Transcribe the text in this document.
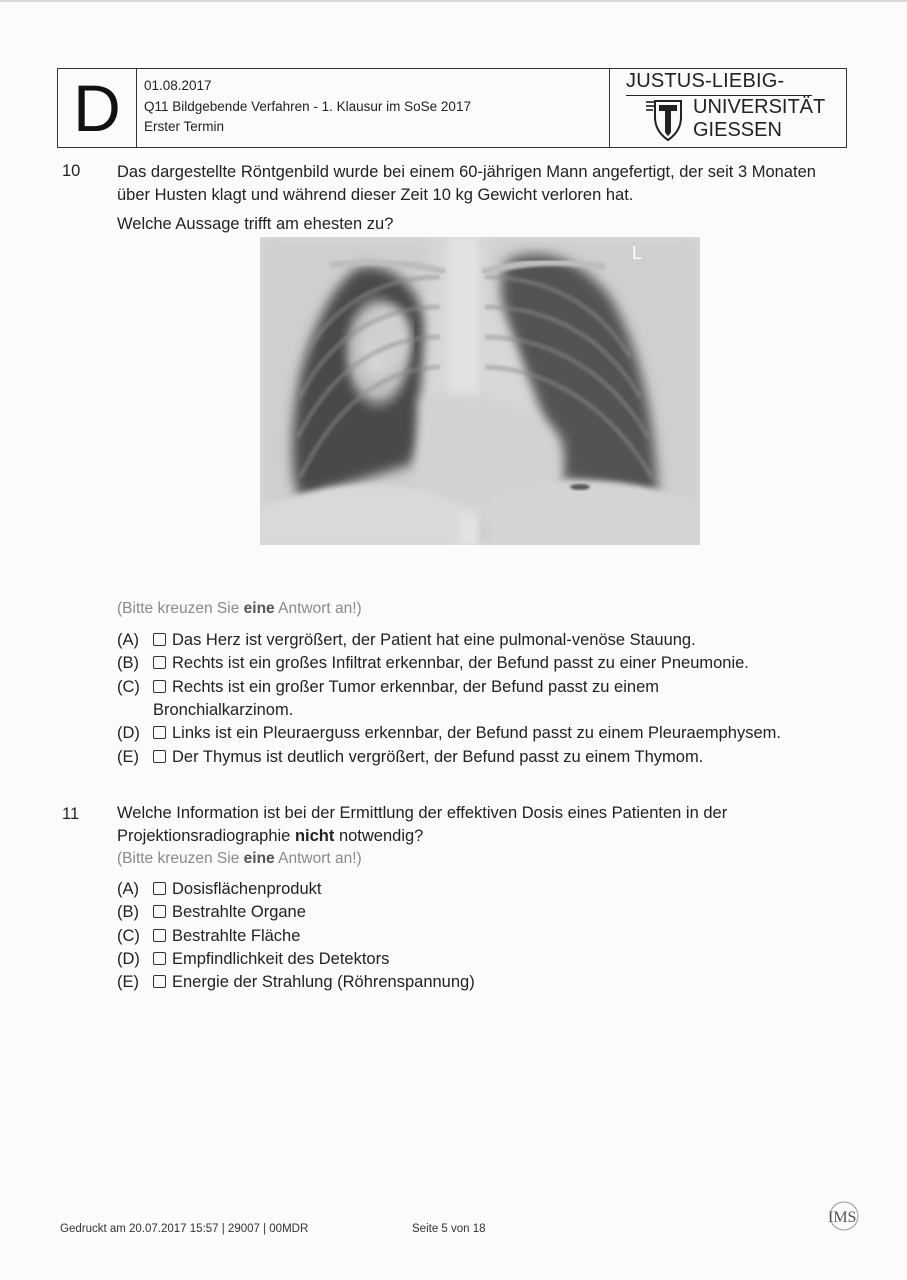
D	01.08.2017
Q11 Bildgebende Verfahren - 1. Klausur im SoSe 2017
Erster Termin
JUSTUS-LIEBIG-
UNIVERSITÄT
GIESSEN
10 Das dargestellte Röntgenbild wurde bei einem 60-jährigen Mann angefertigt, der seit 3 Monaten über Husten klagt und während dieser Zeit 10 kg Gewicht verloren hat.
Welche Aussage trifft am ehesten zu?
L
(Bitte kreuzen Sie eine Antwort an!)
(A) Das Herz ist vergrößert, der Patient hat eine pulmonal-venöse Stauung.
(B) Rechts ist ein großes Infiltrat erkennbar, der Befund passt zu einer Pneumonie.
(C) Rechts ist ein großer Tumor erkennbar, der Befund passt zu einem
Bronchialkarzinom.
(D) Links ist ein Pleuraerguss erkennbar, der Befund passt zu einem Pleuraemphysem.
(E) Der Thymus ist deutlich vergrößert, der Befund passt zu einem Thymom.
11 Welche Information ist bei der Ermittlung der effektiven Dosis eines Patienten in der Projektionsradiographie nicht notwendig?
(Bitte kreuzen Sie eine Antwort an!)
(A) Dosisflächenprodukt
(B) Bestrahlte Organe
(C) Bestrahlte Fläche
(D) Empfindlichkeit des Detektors
(E) Energie der Strahlung (Röhrenspannung)
Gedruckt am 20.07.2017 15:57 | 29007 | 00MDR	Seite 5 von 18
IMS
